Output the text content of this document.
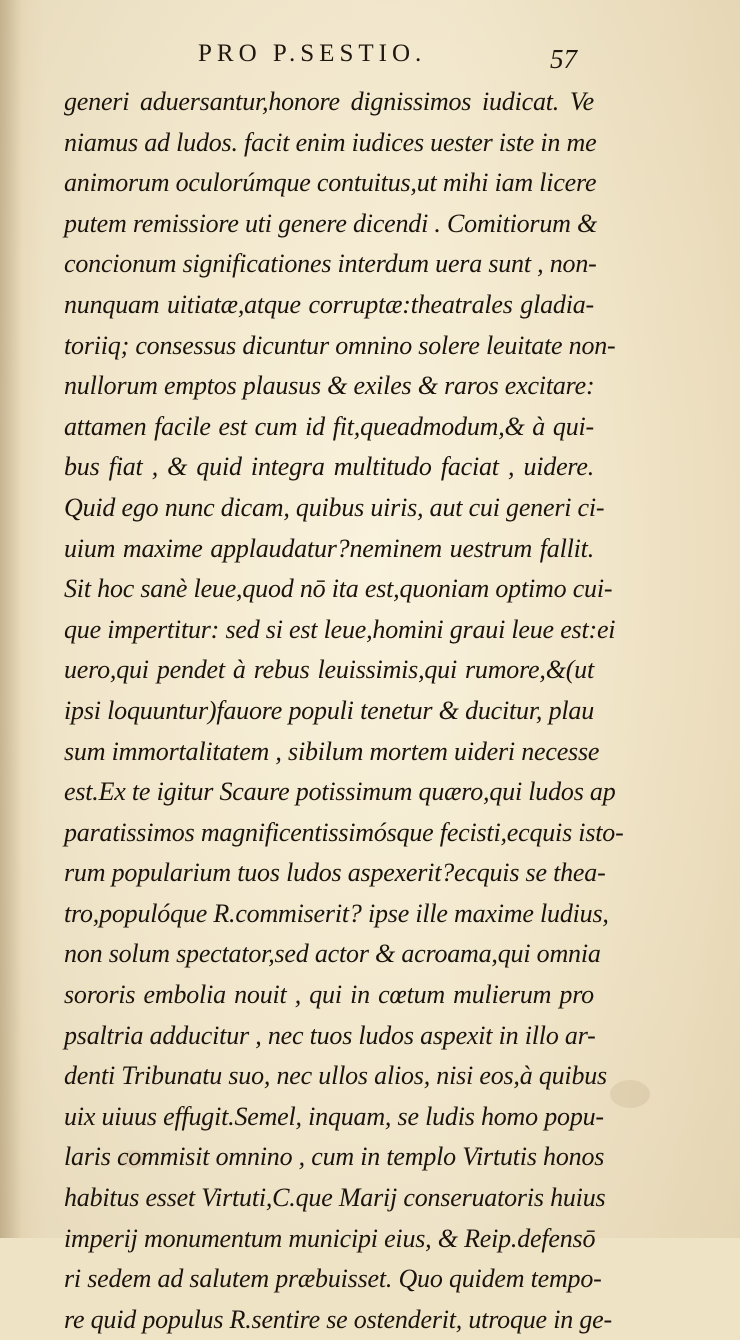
PRO P.SESTIO.	57
generi aduersantur,honore dignissimos iudicat. Ve
niamus ad ludos. facit enim iudices uester iste in me
animorum oculorúmque contuitus,ut mihi iam licere
putem remissiore uti genere dicendi . Comitiorum &
concionum significationes interdum uera sunt , non-
nunquam uitiatæ,atque corruptæ:theatrales gladia-
toriiq; consessus dicuntur omnino solere leuitate non-
nullorum emptos plausus & exiles & raros excitare:
attamen facile est cum id fit,queadmodum,& à qui-
bus fiat , & quid integra multitudo faciat , uidere.
Quid ego nunc dicam, quibus uiris, aut cui generi ci-
uium maxime applaudatur?neminem uestrum fallit.
Sit hoc sanè leue,quod nō ita est,quoniam optimo cui-
que impertitur: sed si est leue,homini graui leue est:ei
uero,qui pendet à rebus leuissimis,qui rumore,&(ut
ipsi loquuntur)fauore populi tenetur & ducitur, plau
sum immortalitatem , sibilum mortem uideri necesse
est.Ex te igitur Scaure potissimum quæro,qui ludos ap
paratissimos magnificentissimósque fecisti,ecquis isto-
rum popularium tuos ludos aspexerit?ecquis se thea-
tro,populóque R.commiserit? ipse ille maxime ludius,
non solum spectator,sed actor & acroama,qui omnia
sororis embolia nouit , qui in cœtum mulierum pro
psaltria adducitur , nec tuos ludos aspexit in illo ar-
denti Tribunatu suo, nec ullos alios, nisi eos,à quibus
uix uiuus effugit.Semel, inquam, se ludis homo popu-
laris commisit omnino , cum in templo Virtutis honos
habitus esset Virtuti,C.que Marij conseruatoris huius
imperij monumentum municipi eius, & Reip.defensō
ri sedem ad salutem præbuisset. Quo quidem tempo-
re quid populus R.sentire se ostenderit, utroque in ge-
